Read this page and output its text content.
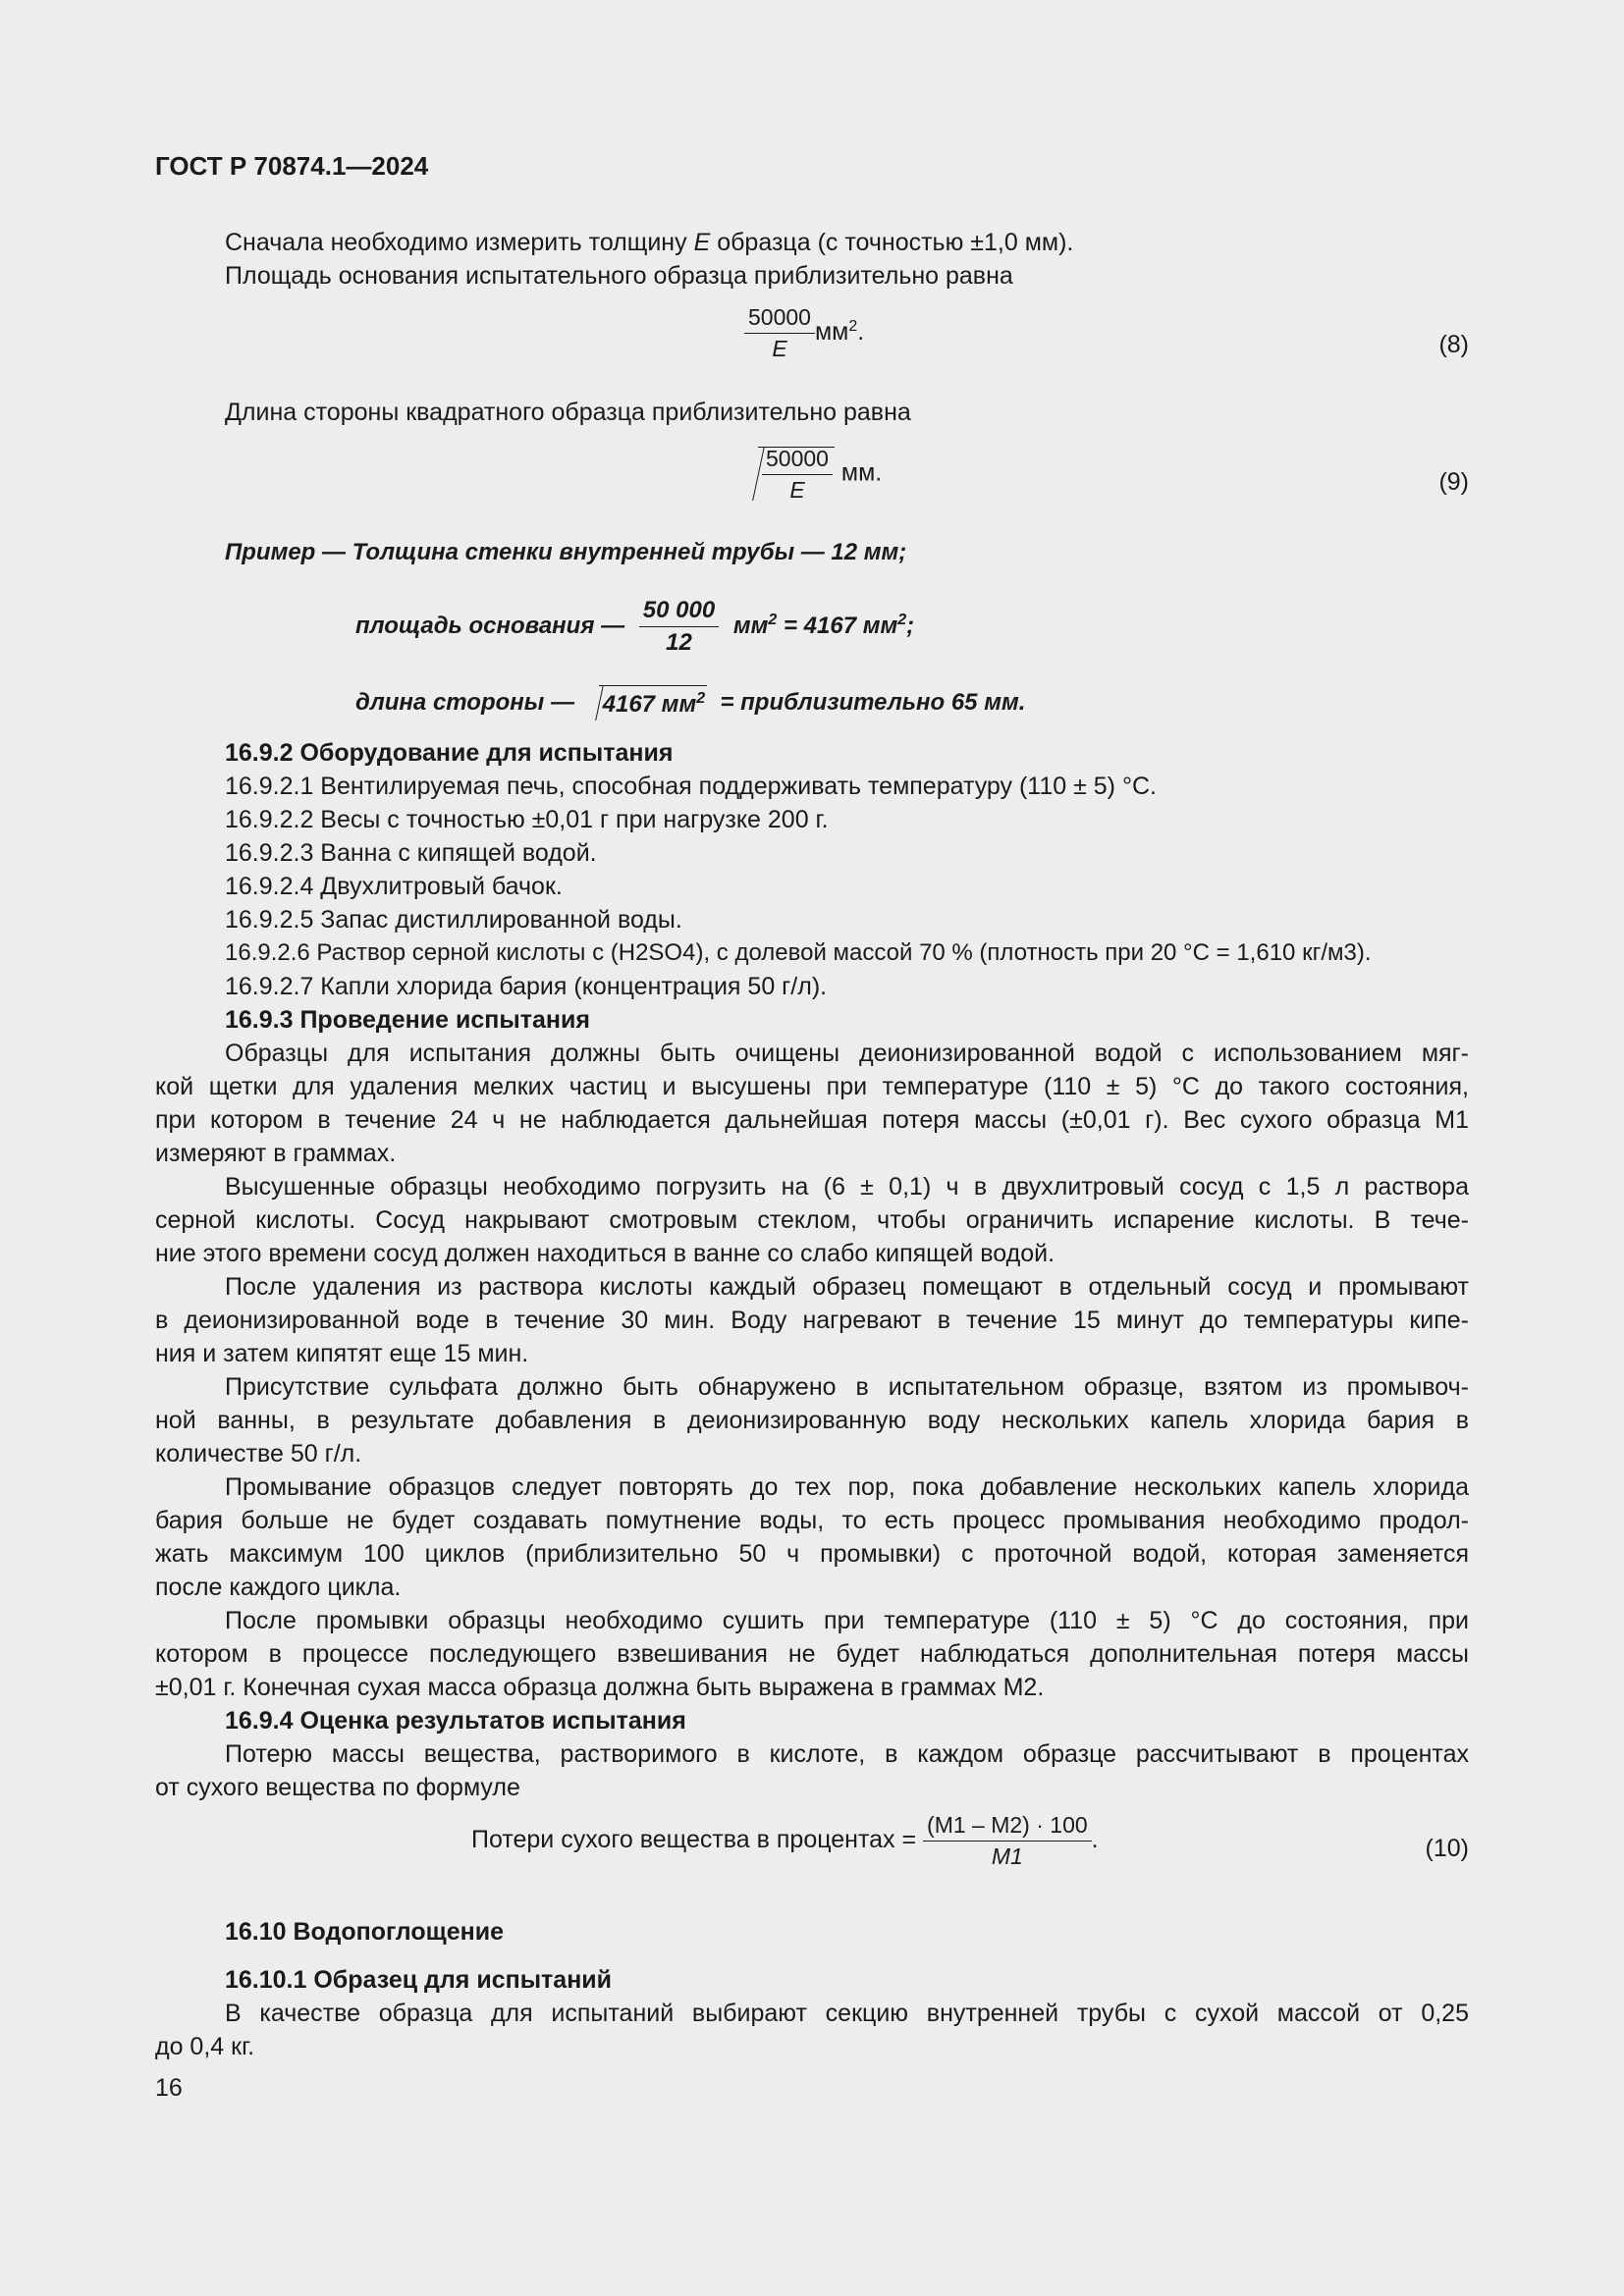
ГОСТ Р 70874.1—2024
Сначала необходимо измерить толщину E образца (с точностью ±1,0 мм).
Площадь основания испытательного образца приблизительно равна
$\frac{50000}{E} мм^2$.	(8)
Длина стороны квадратного образца приблизительно равна
$\frac{50000}{E}$ мм.	(9)
Пример — Толщина стенки внутренней трубы — 12 мм;
площадь основания — $\frac{50 000}{12} мм^2 = 4167$ $мм^2$;
длина стороны — 4167 $мм^2$ = приблизительно 65 мм.
16.9.2 Оборудование для испытания
16.9.2.1 Вентилируемая печь, способная поддерживать температуру (110 ± 5) °С.
16.9.2.2 Весы с точностью ±0,01 г при нагрузке 200 г.
16.9.2.3 Ванна с кипящей водой.
16.9.2.4 Двухлитровый бачок.
16.9.2.5 Запас дистиллированной воды.
16.9.2.6 Раствор серной кислоты c (H2SO4), с долевой массой 70 % (плотность при 20 °С = 1,610 кг/м3).
16.9.2.7 Капли хлорида бария (концентрация 50 г/л).
16.9.3 Проведение испытания
Образцы для испытания должны быть очищены деионизированной водой с использованием мяг-
кой щетки для удаления мелких частиц и высушены при температуре (110 ± 5) °С до такого состояния,
при котором в течение 24 ч не наблюдается дальнейшая потеря массы (±0,01 г). Вес сухого образца M1
измеряют в граммах.
Высушенные образцы необходимо погрузить на (6 ± 0,1) ч в двухлитровый сосуд с 1,5 л раствора
серной кислоты. Сосуд накрывают смотровым стеклом, чтобы ограничить испарение кислоты. В тече-
ние этого времени сосуд должен находиться в ванне со слабо кипящей водой.
После удаления из раствора кислоты каждый образец помещают в отдельный сосуд и промывают
в деионизированной воде в течение 30 мин. Воду нагревают в течение 15 минут до температуры кипе-
ния и затем кипятят еще 15 мин.
Присутствие сульфата должно быть обнаружено в испытательном образце, взятом из промывоч-
ной ванны, в результате добавления в деионизированную воду нескольких капель хлорида бария в
количестве 50 г/л.
Промывание образцов следует повторять до тех пор, пока добавление нескольких капель хлорида
бария больше не будет создавать помутнение воды, то есть процесс промывания необходимо продол-
жать максимум 100 циклов (приблизительно 50 ч промывки) с проточной водой, которая заменяется
после каждого цикла.
После промывки образцы необходимо сушить при температуре (110 ± 5) °С до состояния, при
котором в процессе последующего взвешивания не будет наблюдаться дополнительная потеря массы
±0,01 г. Конечная сухая масса образца должна быть выражена в граммах M2.
16.9.4 Оценка результатов испытания
Потерю массы вещества, растворимого в кислоте, в каждом образце рассчитывают в процентах
от сухого вещества по формуле
Потери сухого вещества в процентах = $\frac{(M1 - M2) \cdot 100}{M1}$ .	(10)
16.10 Водопоглощение
16.10.1 Образец для испытаний
В качестве образца для испытаний выбирают секцию внутренней трубы с сухой массой от 0,25
до 0,4 кг.
16
